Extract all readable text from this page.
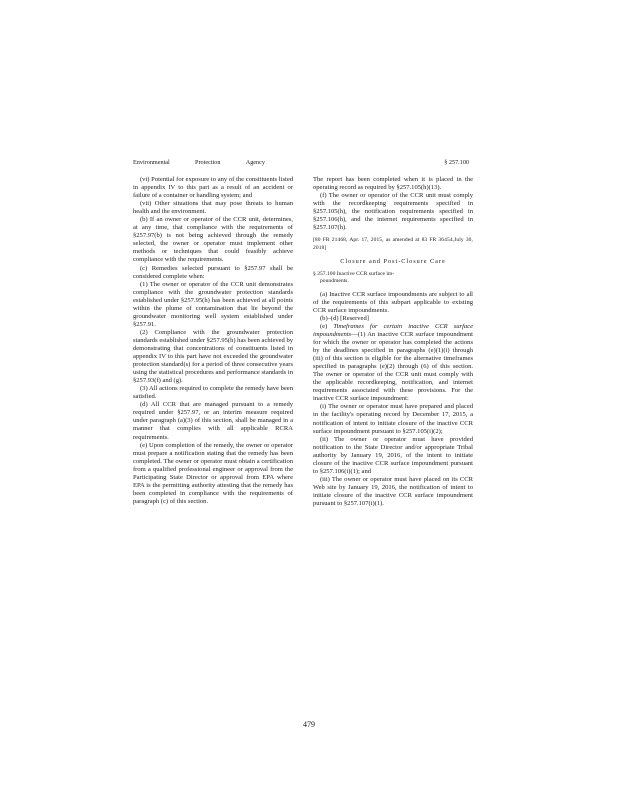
Environmental	Protection	Agency	§ 257.100

(vi) Potential for exposure to any of the constituents listed in appendix IV to this part as a result of an accident or failure of a container or handling system; and

(vii) Other situations that may pose threats to human health and the environment.

(b) If an owner or operator of the CCR unit, determines, at any time, that compliance with the requirements of §257.97(b) is not being achieved through the remedy selected, the owner or operator must implement other methods or techniques that could feasibly achieve compliance with the requirements.

(c) Remedies selected pursuant to §257.97 shall be considered complete when:

(1) The owner or operator of the CCR unit demonstrates compliance with the groundwater protection standards established under §257.95(h) has been achieved at all points within the plume of contamination that lie beyond the groundwater monitoring well system established under §257.91.

(2) Compliance with the groundwater protection standards established under §257.95(h) has been achieved by demonstrating that concentrations of constituents listed in appendix IV to this part have not exceeded the groundwater protection standard(s) for a period of three consecutive years using the statistical procedures and performance standards in §257.93(f) and (g).

(3) All actions required to complete the remedy have been satisfied.

(d) All CCR that are managed pursuant to a remedy required under §257.97, or an interim measure required under paragraph (a)(3) of this section, shall be managed in a manner that complies with all applicable RCRA requirements.

(e) Upon completion of the remedy, the owner or operator must prepare a notification stating that the remedy has been completed. The owner or operator must obtain a certification from a qualified professional engineer or approval from the Participating State Director or approval from EPA where EPA is the permitting authority attesting that the remedy has been completed in compliance with the requirements of paragraph (c) of this section.

The report has been completed when it is placed in the operating record as required by §257.105(h)(13).

(f) The owner or operator of the CCR unit must comply with the recordkeeping requirements specified in §257.105(h), the notification requirements specified in §257.106(h), and the internet requirements specified in §257.107(h).

[80 FR 21468, Apr. 17, 2015, as amended at 83 FR 36454,July 30, 2018]

Closure and Post-Closure Care

§ 257.100 Inactive CCR surface im-
poundments.

(a) Inactive CCR surface impoundments are subject to all of the requirements of this subpart applicable to existing CCR surface impoundments.

(b)–(d) [Reserved]

(e) Timeframes for certain inactive CCR surface impoundments—(1) An inactive CCR surface impoundment for which the owner or operator has completed the actions by the deadlines specified in paragraphs (e)(1)(i) through (iii) of this section is eligible for the alternative timeframes specified in paragraphs (e)(2) through (6) of this section. The owner or operator of the CCR unit must comply with the applicable recordkeeping, notification, and internet requirements associated with these provisions. For the inactive CCR surface impoundment:

(i) The owner or operator must have prepared and placed in the facility's operating record by December 17, 2015, a notification of intent to initiate closure of the inactive CCR surface impoundment pursuant to §257.105(i)(2);

(ii) The owner or operator must have provided notification to the State Director and/or appropriate Tribal authority by January 19, 2016, of the intent to initiate closure of the inactive CCR surface impoundment pursuant to §257.106(i)(1); and

(iii) The owner or operator must have placed on its CCR Web site by January 19, 2016, the notification of intent to initiate closure of the inactive CCR surface impoundment pursuant to §257.107(i)(1).

479
